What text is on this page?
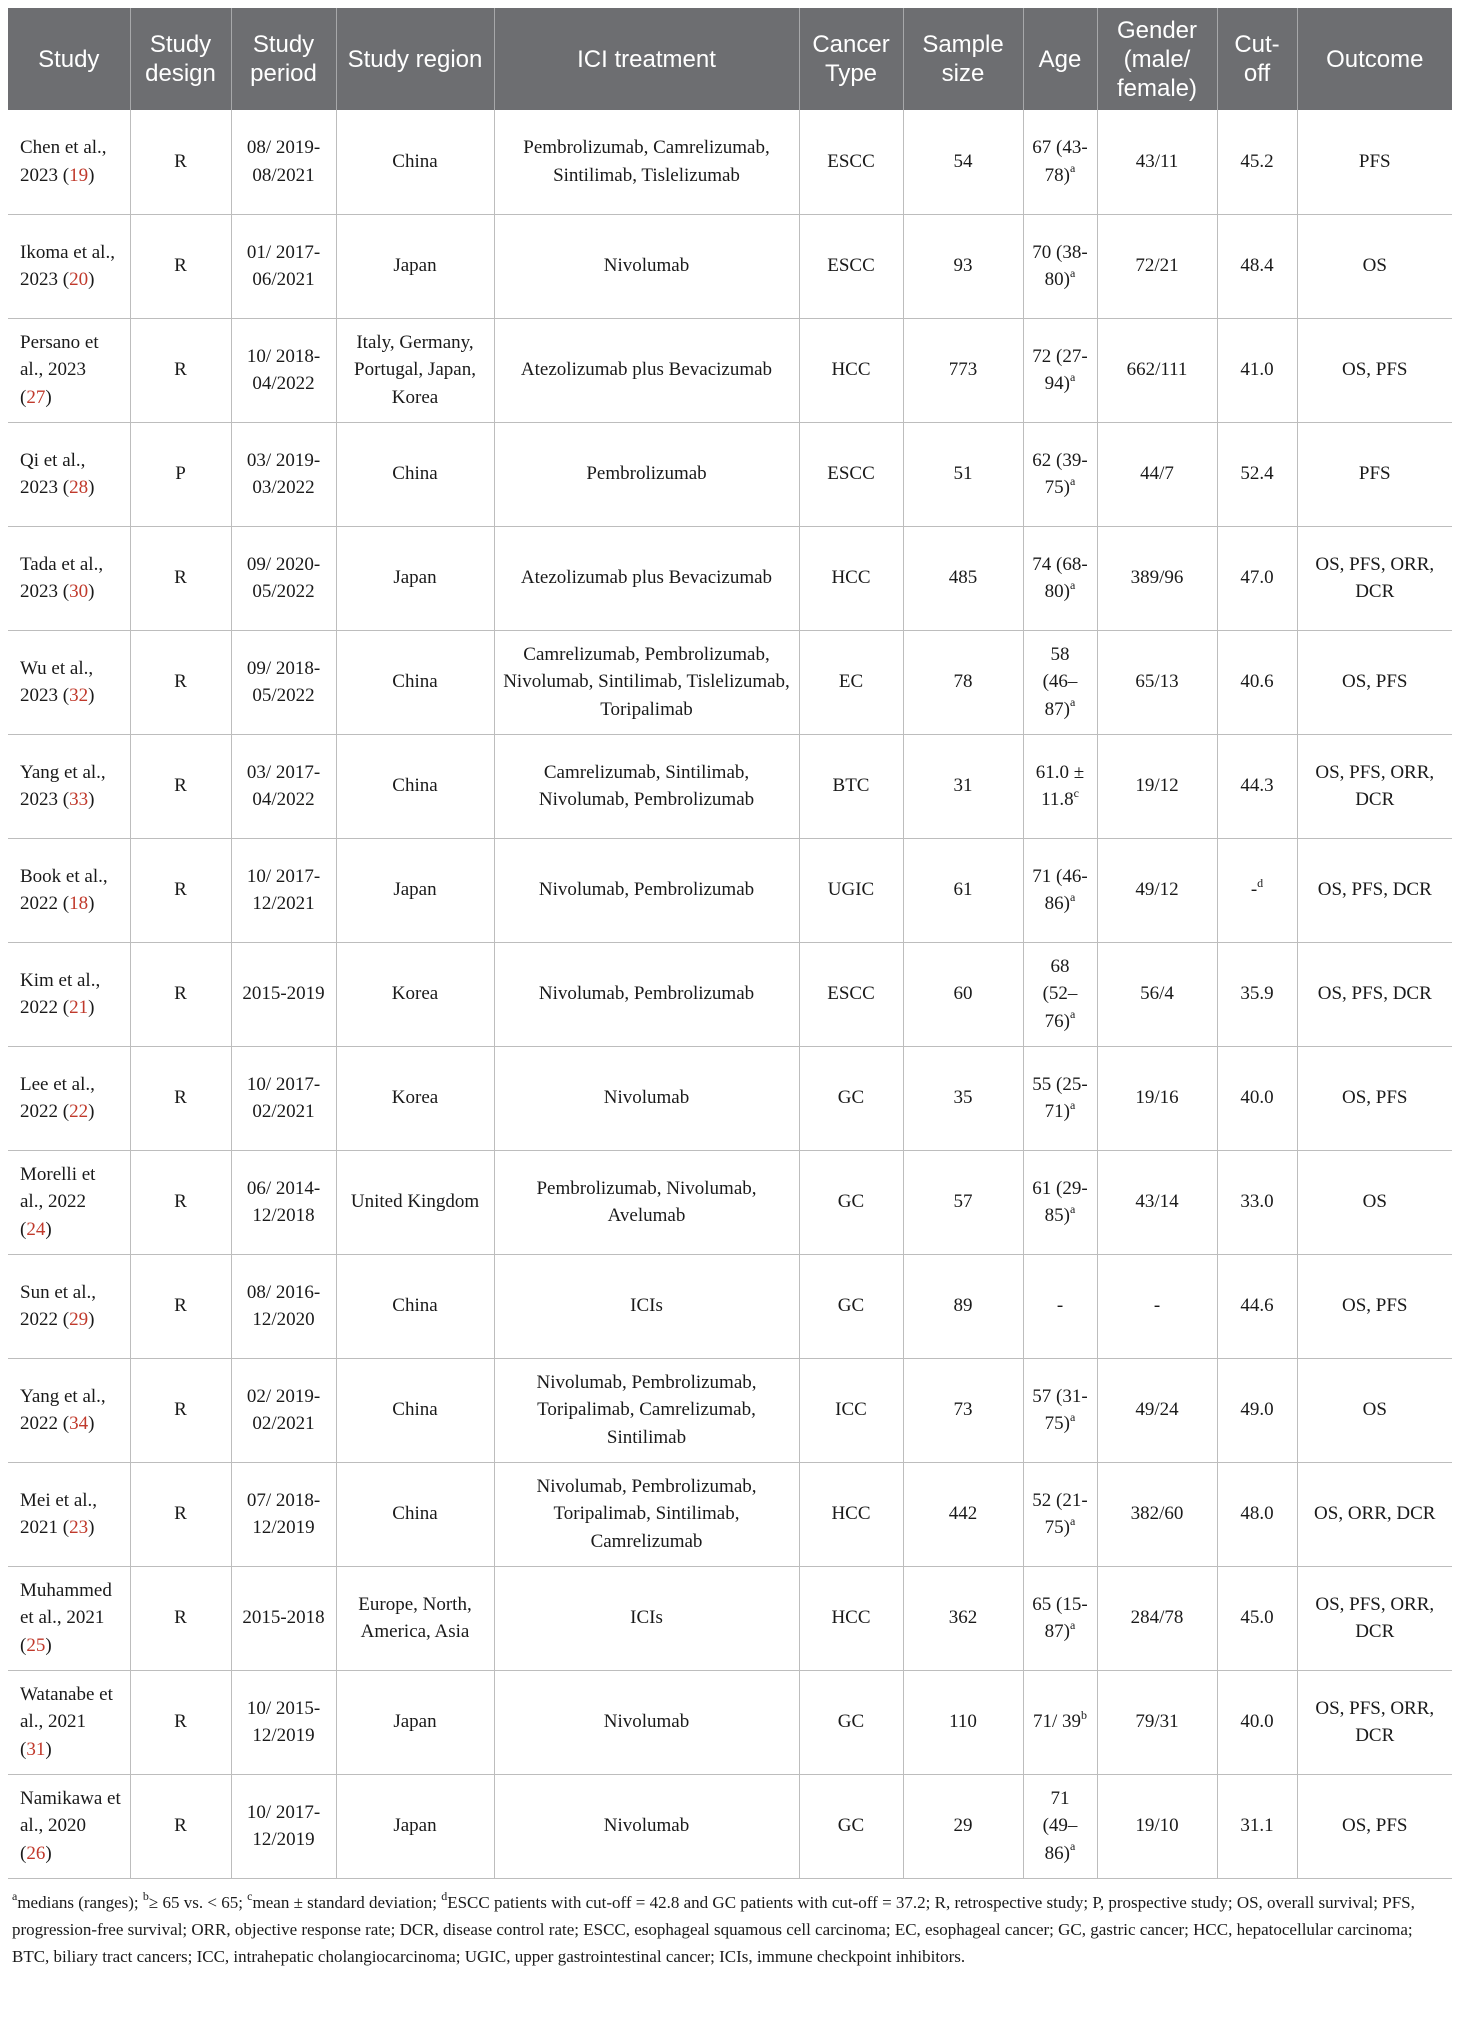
Study	Study design	Study period	Study region	ICI treatment	Cancer Type	Sample size	Age	Gender (male/ female)	Cut-off	Outcome
Chen et al., 2023 (19)	R	08/ 2019-08/2021	China	Pembrolizumab, Camrelizumab, Sintilimab, Tislelizumab	ESCC	54	67 $(43-78)^a$	43/11	45.2	PFS
Ikoma et al., 2023 (20)	R	01/ 2017-06/2021	Japan	Nivolumab	ESCC	93	70 $(38-80)^a$	72/21	48.4	OS
Persano et al., 2023 (27)	R	10/ 2018-04/2022	Italy, Germany, Portugal, Japan, Korea	Atezolizumab plus Bevacizumab	HCC	773	72 $(27-94)^a$	662/111	41.0	OS, PFS
Qi et al., 2023 (28)	P	03/ 2019-03/2022	China	Pembrolizumab	ESCC	51	62 $(39-75)^a$	44/7	52.4	PFS
Tada et al., 2023 (30)	R	09/ 2020-05/2022	Japan	Atezolizumab plus Bevacizumab	HCC	485	74 $(68-80)^a$	389/96	47.0	OS, PFS, ORR, DCR
Wu et al., 2023 (32)	R	09/ 2018-05/2022	China	Camrelizumab, Pembrolizumab, Nivolumab, Sintilimab, Tislelizumab, Toripalimab	EC	78	58 $(46-87)^a$	65/13	40.6	OS, PFS
Yang et al., 2023 (33)	R	03/ 2017-04/2022	China	Camrelizumab, Sintilimab, Nivolumab, Pembrolizumab	BTC	31	61.0 ± 11.8$^c$	19/12	44.3	OS, PFS, ORR, DCR
Book et al., 2022 (18)	R	10/ 2017-12/2021	Japan	Nivolumab, Pembrolizumab	UGIC	61	71 $(46-86)^a$	49/12	-$^d$	OS, PFS, DCR
Kim et al., 2022 (21)	R	2015-2019	Korea	Nivolumab, Pembrolizumab	ESCC	60	68 $(52-76)^a$	56/4	35.9	OS, PFS, DCR
Lee et al., 2022 (22)	R	10/ 2017-02/2021	Korea	Nivolumab	GC	35	55 $(25-71)^a$	19/16	40.0	OS, PFS
Morelli et al., 2022 (24)	R	06/ 2014-12/2018	United Kingdom	Pembrolizumab, Nivolumab, Avelumab	GC	57	61 $(29-85)^a$	43/14	33.0	OS
Sun et al., 2022 (29)	R	08/ 2016-12/2020	China	ICIs	GC	89	-	-	44.6	OS, PFS
Yang et al., 2022 (34)	R	02/ 2019-02/2021	China	Nivolumab, Pembrolizumab, Toripalimab, Camrelizumab, Sintilimab	ICC	73	57 $(31-75)^a$	49/24	49.0	OS
Mei et al., 2021 (23)	R	07/ 2018-12/2019	China	Nivolumab, Pembrolizumab, Toripalimab, Sintilimab, Camrelizumab	HCC	442	52 $(21-75)^a$	382/60	48.0	OS, ORR, DCR
Muhammed et al., 2021 (25)	R	2015-2018	Europe, North, America, Asia	ICIs	HCC	362	65 $(15-87)^a$	284/78	45.0	OS, PFS, ORR, DCR
Watanabe et al., 2021 (31)	R	10/ 2015-12/2019	Japan	Nivolumab	GC	110	71/ 39$^b$	79/31	40.0	OS, PFS, ORR, DCR
Namikawa et al., 2020 (26)	R	10/ 2017-12/2019	Japan	Nivolumab	GC	29	71 $(49-86)^a$	19/10	31.1	OS, PFS
$^a$medians (ranges); $^b$≥ 65 vs. < 65; $^c$mean ± standard deviation; $^d$ESCC patients with cut-off = 42.8 and GC patients with cut-off = 37.2; R, retrospective study; P, prospective study; OS, overall survival; PFS, progression-free survival; ORR, objective response rate; DCR, disease control rate; ESCC, esophageal squamous cell carcinoma; EC, esophageal cancer; GC, gastric cancer; HCC, hepatocellular carcinoma; BTC, biliary tract cancers; ICC, intrahepatic cholangiocarcinoma; UGIC, upper gastrointestinal cancer; ICIs, immune checkpoint inhibitors.
